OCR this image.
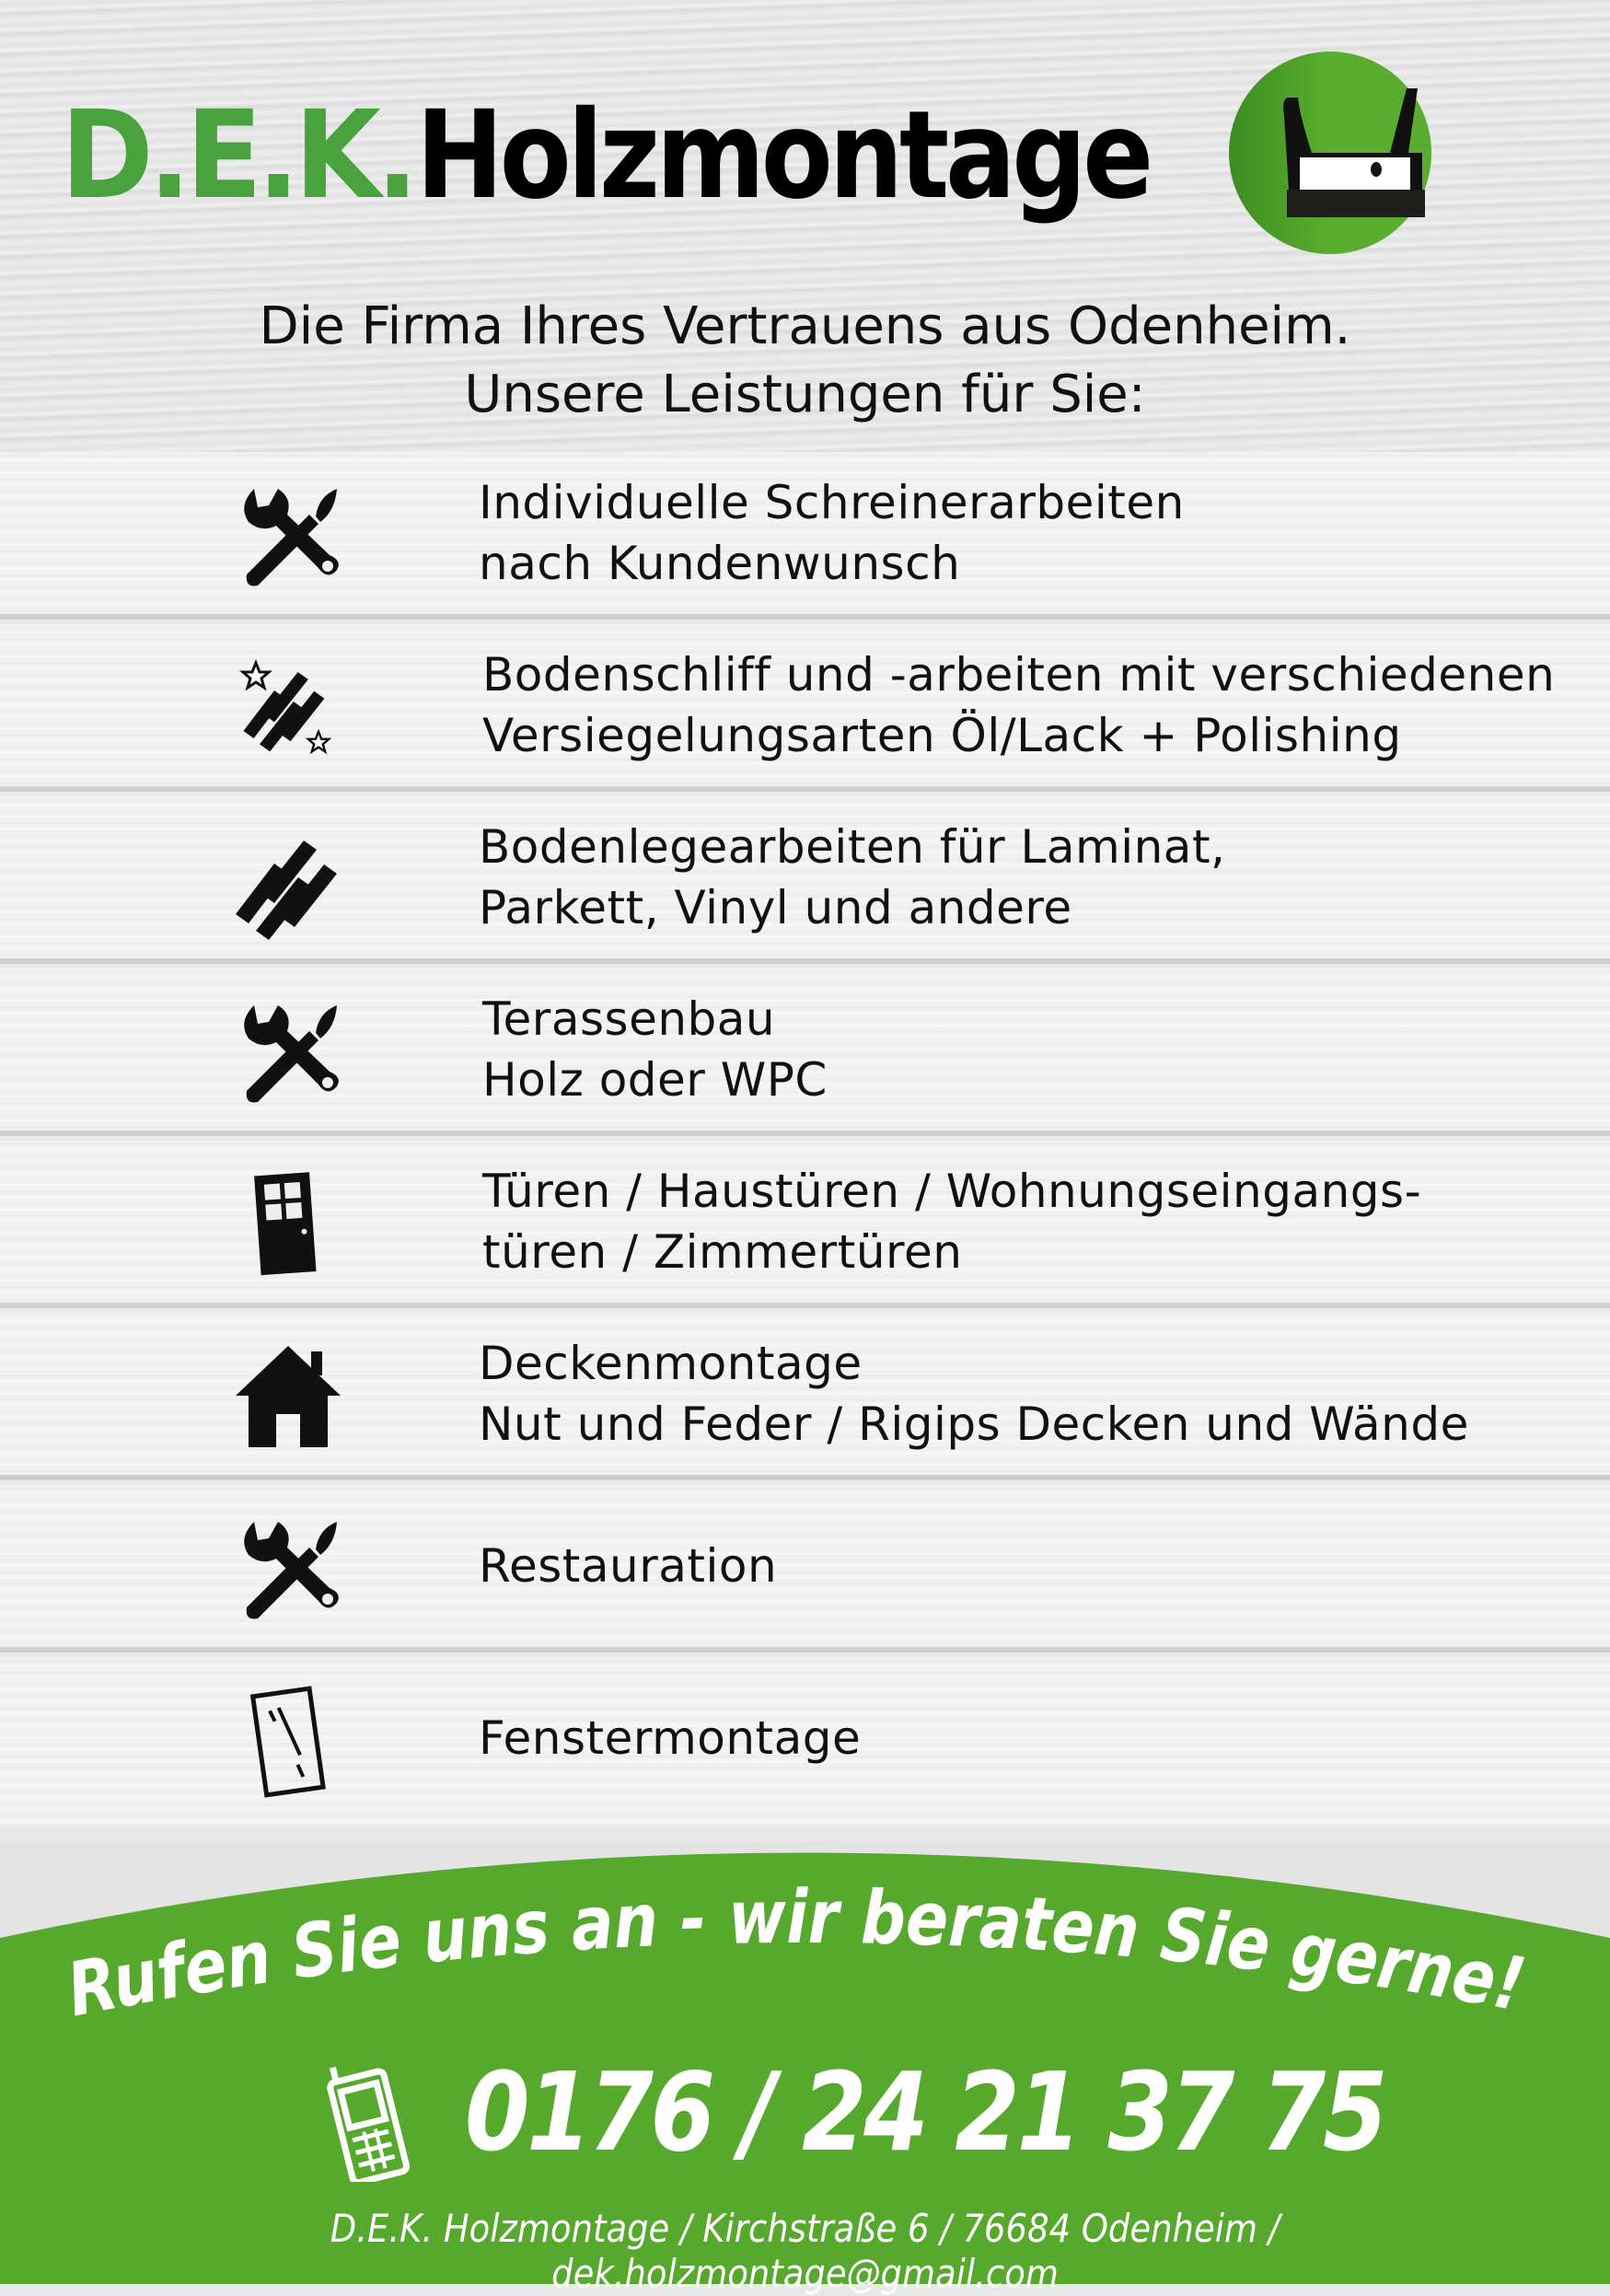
D.E.K. Holzmontage
Die Firma Ihres Vertrauens aus Odenheim.
Unsere Leistungen für Sie:
Individuelle Schreinerarbeiten
nach Kundenwunsch
Bodenschliff und -arbeiten mit verschiedenen
Versiegelungsarten Öl/Lack + Polishing
Bodenlegearbeiten für Laminat,
Parkett, Vinyl und andere
Terassenbau
Holz oder WPC
Türen / Haustüren / Wohnungseingangs-
türen / Zimmertüren
Deckenmontage
Nut und Feder / Rigips Decken und Wände
Restauration
Fenstermontage
Rufen Sie uns an - wir beraten Sie gerne!
0176 / 24 21 37 75
D.E.K. Holzmontage / Kirchstraße 6 / 76684 Odenheim / dek.holzmontage@gmail.com
